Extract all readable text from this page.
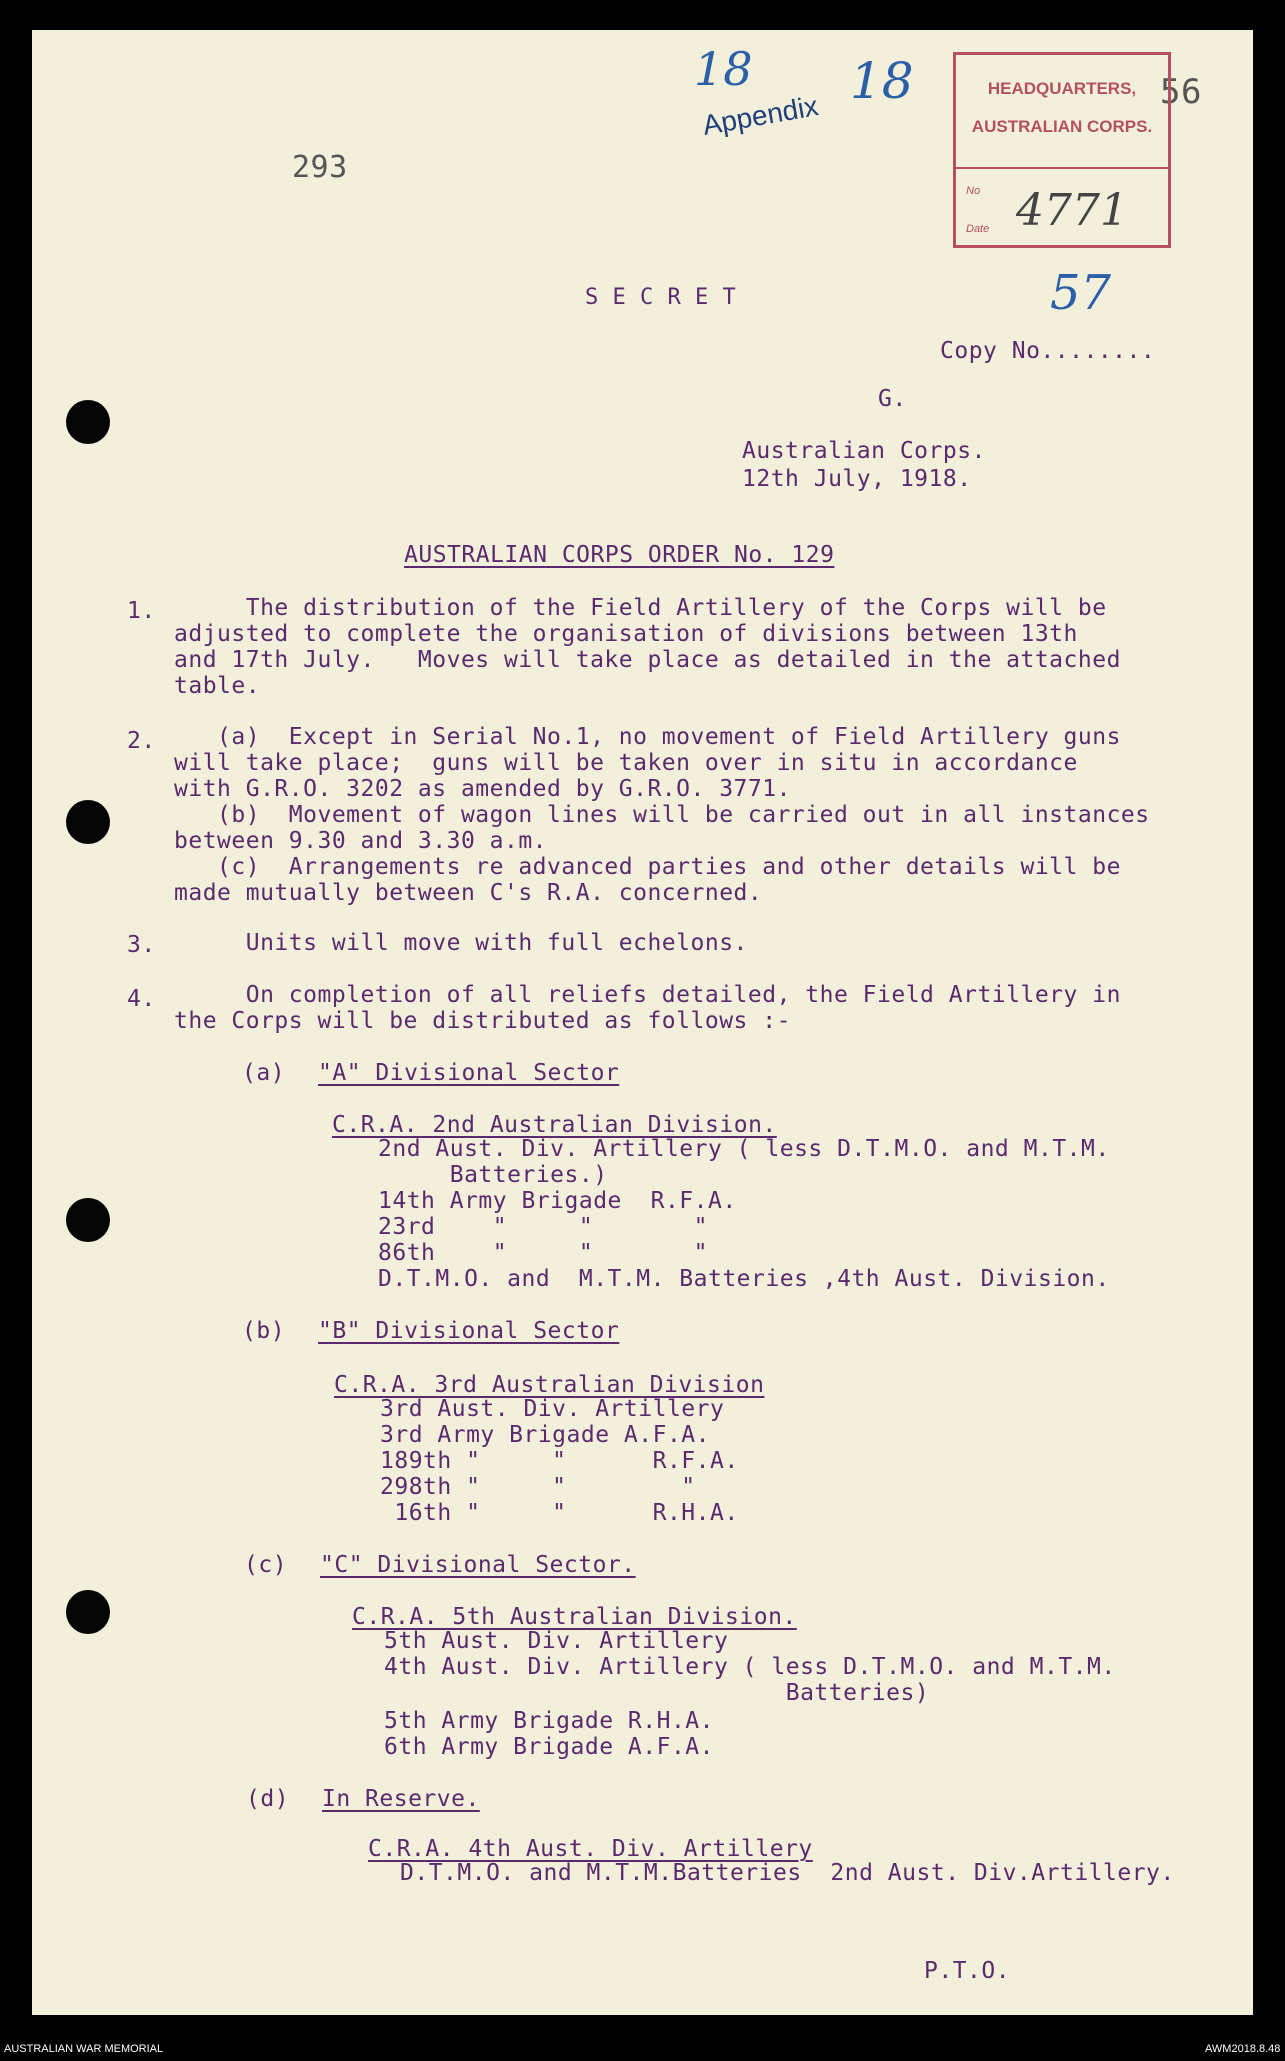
293
56
18
Appendix
18	HEADQUARTERS,
AUSTRALIAN CORPS.
No
Date 4771
S E C R E T	57
Copy No........
G.
Australian Corps.
12th July, 1918.
AUSTRALIAN CORPS ORDER No. 129
1. The distribution of the Field Artillery of the Corps will be
adjusted to complete the organisation of divisions between 13th
and 17th July.   Moves will take place as detailed in the attached
table.
2. (a)  Except in Serial No.1, no movement of Field Artillery guns
will take place;  guns will be taken over in situ in accordance
with G.R.O. 3202 as amended by G.R.O. 3771.
(b)  Movement of wagon lines will be carried out in all instances
between 9.30 and 3.30 a.m.
(c)  Arrangements re advanced parties and other details will be
made mutually between C's R.A. concerned.
3. Units will move with full echelons.
4. On completion of all reliefs detailed, the Field Artillery in
the Corps will be distributed as follows :-
(a) "A" Divisional Sector
C.R.A. 2nd Australian Division.
2nd Aust. Div. Artillery ( less D.T.M.O. and M.T.M.
Batteries.)
14th Army Brigade  R.F.A.
23rd    "     "       "
86th    "     "       "
D.T.M.O. and  M.T.M. Batteries ,4th Aust. Division.
(b) "B" Divisional Sector
C.R.A. 3rd Australian Division
3rd Aust. Div. Artillery
3rd Army Brigade A.F.A.
189th "     "      R.F.A.
298th "     "        "
16th "     "      R.H.A.
(c) "C" Divisional Sector.
C.R.A. 5th Australian Division.
5th Aust. Div. Artillery
4th Aust. Div. Artillery ( less D.T.M.O. and M.T.M.
Batteries)
5th Army Brigade R.H.A.
6th Army Brigade A.F.A.
(d) In Reserve.
C.R.A. 4th Aust. Div. Artillery
D.T.M.O. and M.T.M.Batteries  2nd Aust. Div.Artillery.
P.T.O.
AUSTRALIAN WAR MEMORIAL	AWM2018.8.48
